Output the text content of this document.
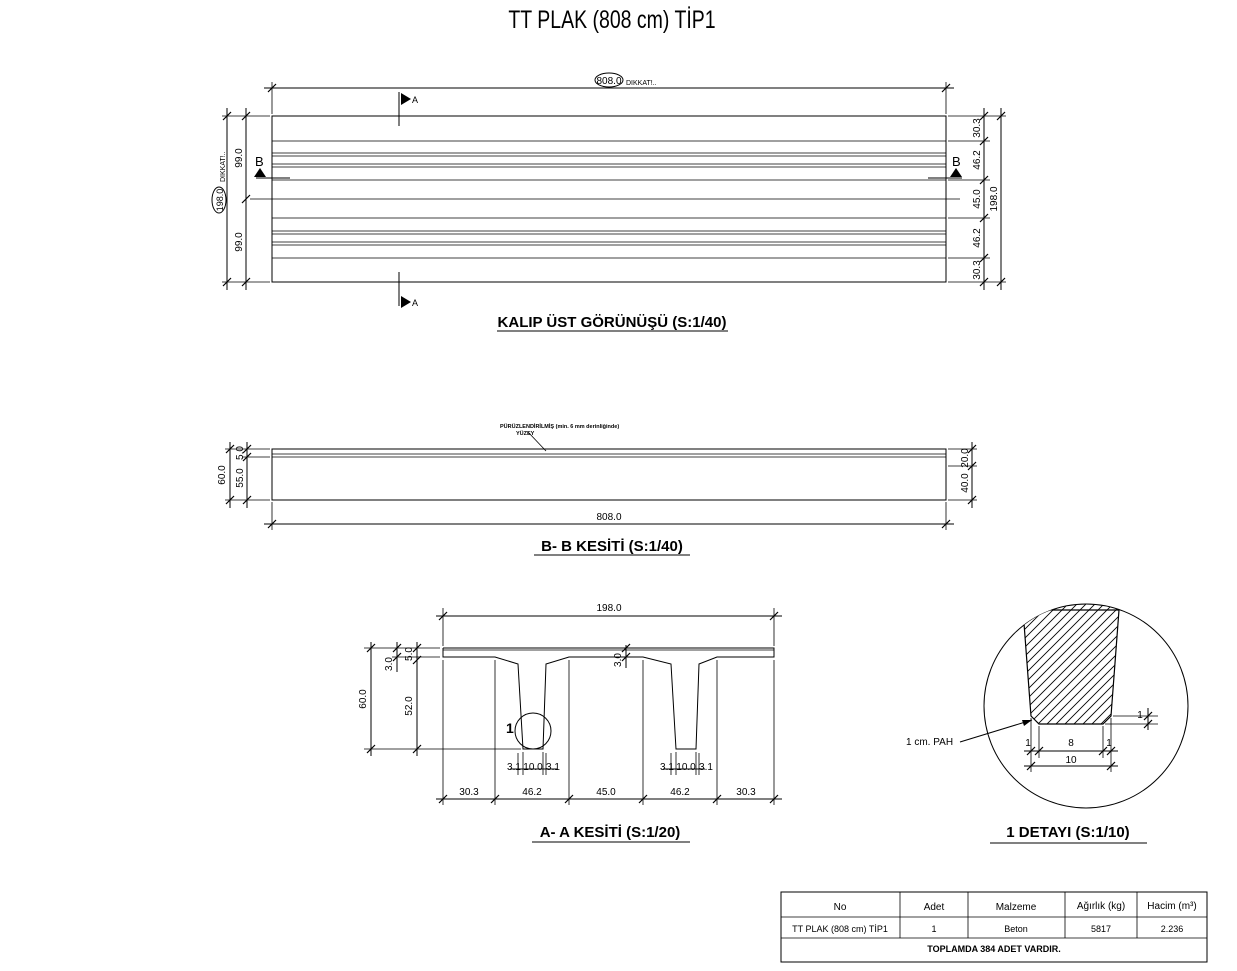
TT PLAK (808 cm) TİP1
B	B
A
A
808.0 DIKKAT!..
198.0
DIKKAT!.. 99.0
99.0
30.3
46.2
45.0
46.2
30.3
198.0
KALIP ÜST GÖRÜNÜŞÜ (S:1/40)
PÜRÜZLENDİRİLMİŞ (min. 6 mm derinliğinde)
YÜZEY
60.0
5.0
55.0
20.0
40.0
808.0
B- B KESİTİ (S:1/40)
198.0
60.0
3.0
5.0
52.0
3.0
1
3.1 10.0 3.1	3.1 10.0 3.1
30.3	46.2	45.0	46.2	30.3
A- A KESİTİ (S:1/20)
1 cm. PAH	1	8	1
10
1
1 DETAYI (S:1/10)
No	Adet	Malzeme	Ağırlık (kg) Hacim (m³)
TT PLAK (808 cm) TİP1	1	Beton	5817	2.236
TOPLAMDA 384 ADET VARDIR.
